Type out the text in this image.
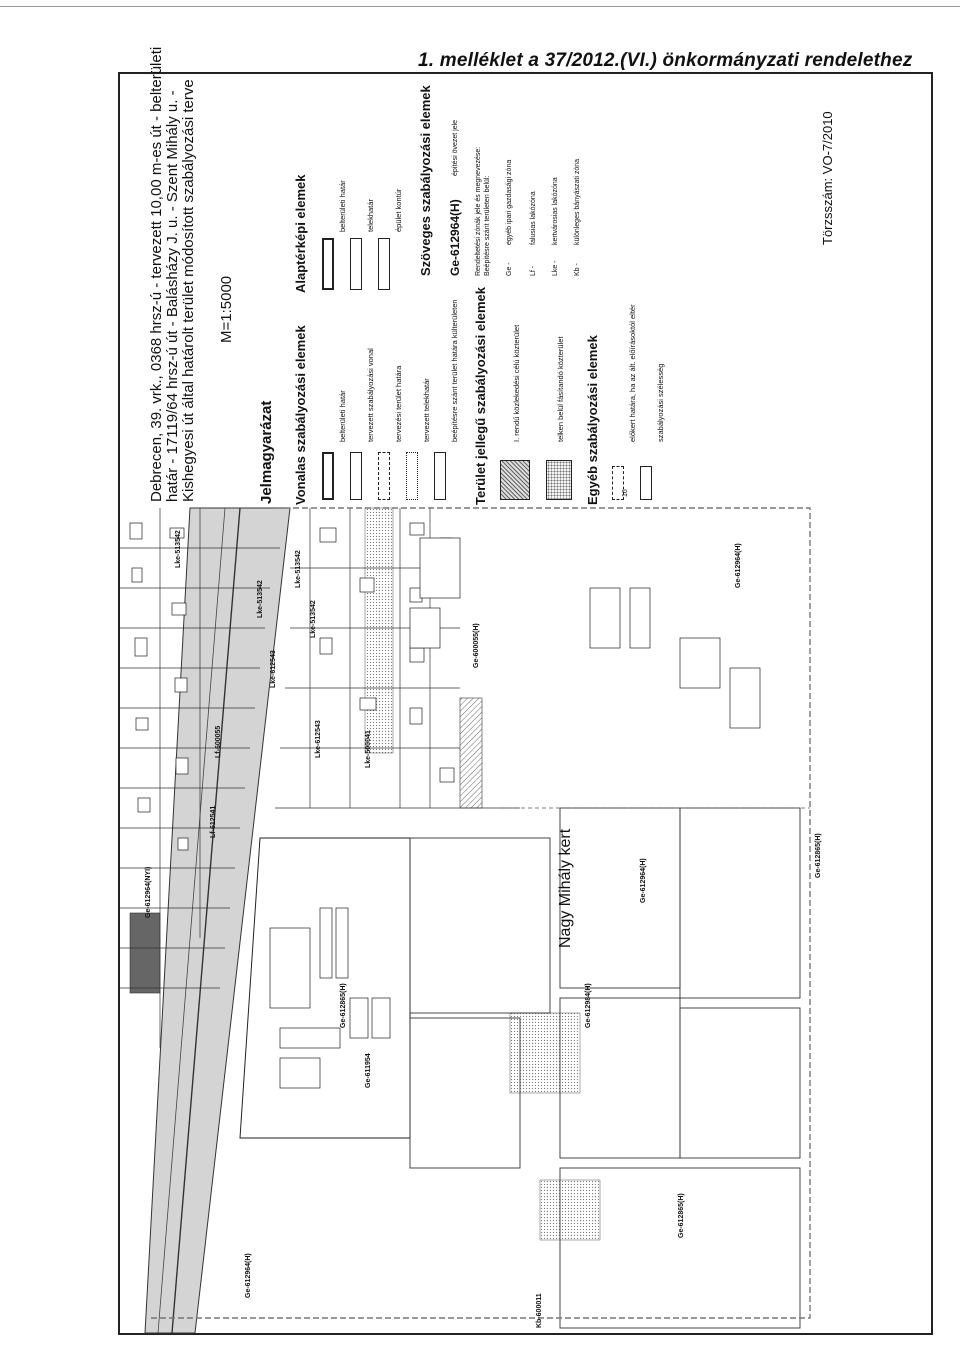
1. melléklet a 37/2012.(VI.) önkormányzati rendelethez
Debrecen, 39. vrk., 0368 hrsz-ú - tervezett 10,00 m-es út - belterületi határ - 17119/64 hrsz-ú út - Balásházy J. u. - Szent Mihály u. - Kishegyesi út által határolt terület módosított szabályozási terve M=1:5000
Törzsszám: VO-7/2010
Jelmagyarázat Vonalas szabályozási elemek
Alaptérképi elemek
belterületi határ	tervezett szabályozási vonal	tervezési terület határa	tervezett telekhatár	beépítésre szánt terület határa külterületen
belterületi határ	telekhatár	épület kontúr
Terület jellegű szabályozási elemek	I. rendű közlekedési célú közterület	telken belül fásítandó közterület
Szöveges szabályozási elemek Ge-612964(H)
építési övezet jele Rendeltetési zónák jele és megnevezése: Beépítésre szánt területen belül: Ge -
egyéb ipari gazdasági zóna
Lf -
falusias lakózóna
Lke -
kertvárosias lakózóna
Kb -
különleges bányászati zóna
Egyéb szabályozási elemek	16
előkert határa, ha az ált. előírásoktól eltér	szabályozási szélesség
Ge-612964(NYI)
Ge-612964(H)
Ge-611954
Ge-612865(H)
Ge-600055(H)
Ge-612984(H)
Ge-612964(H)
Ge-612964(H)
Ge-612865(H)
Ge-612865(H)
Kb-600011
Lke-513542
Lke-513542
Lke-612543
Lf-600055	Lke-500041
Lf-612541
Lke-513542
Lke-513542
Lke-612543
Nagy Mihály kert
